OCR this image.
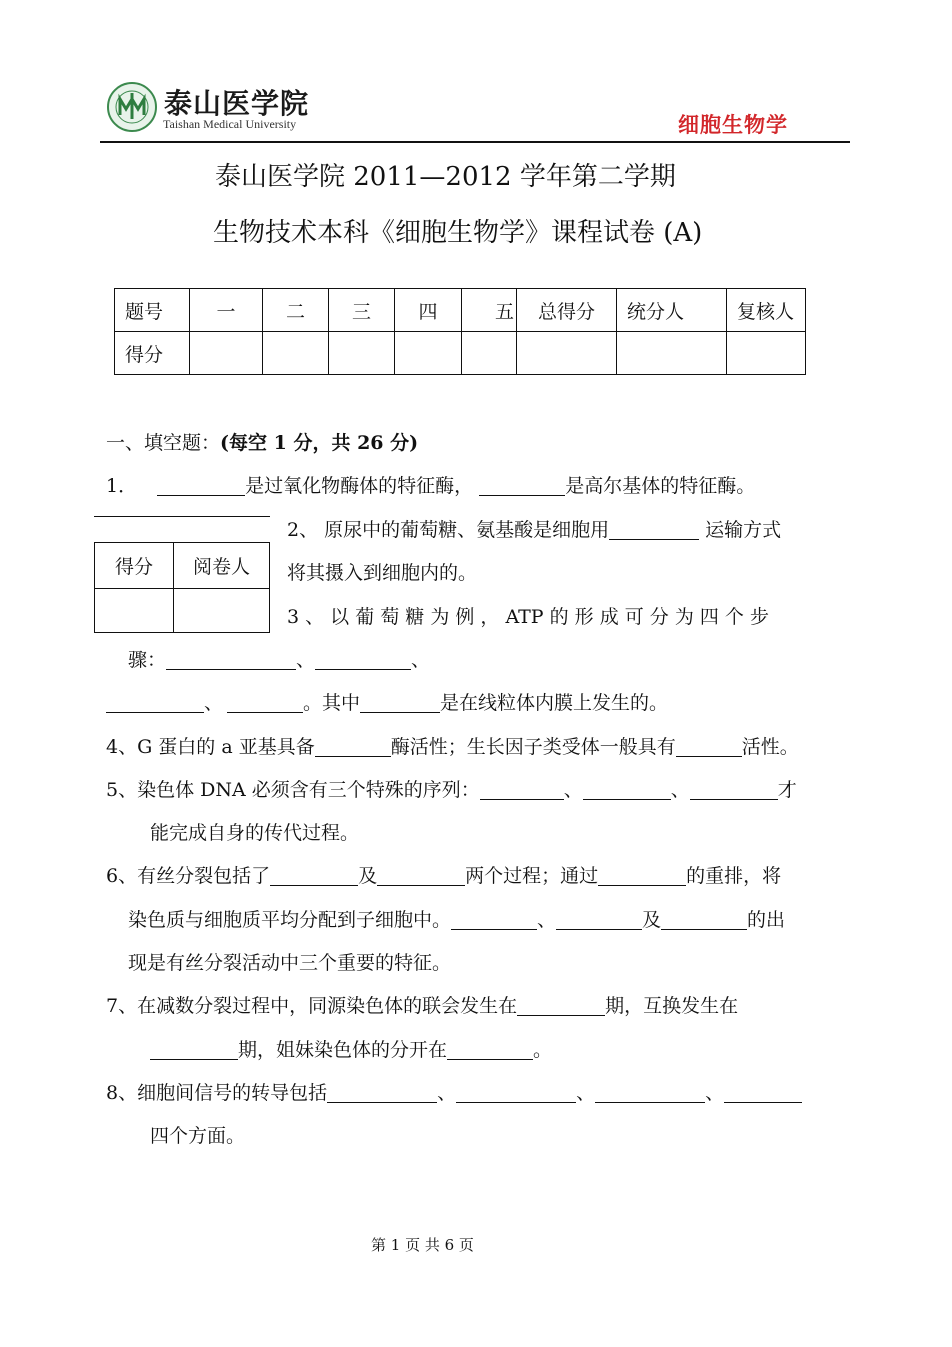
泰山医学院
Taishan Medical University	细胞生物学
泰山医学院 2011—2012 学年第二学期
生物技术本科《细胞生物学》课程试卷 (A)
题号	一	二	三	四	五	总得分	统分人	复核人
得分								
一、填空题：(每空 1 分，共 26 分)
1．	是过氧化物酶体的特征酶，	是高尔基体的特征酶。
得分	阅卷人

2、 原尿中的葡萄糖、氨基酸是细胞用	运输方式
将其摄入到细胞内的。
3 、 以 葡 萄 糖 为 例 ， ATP 的 形 成 可 分 为 四 个 步
骤：	、	、
、	。其中	是在线粒体内膜上发生的。
4、G 蛋白的 a 亚基具备	酶活性；生长因子类受体一般具有	活性。
5、染色体 DNA 必须含有三个特殊的序列：	、	、	才
能完成自身的传代过程。
6、有丝分裂包括了	及	两个过程；通过	的重排，将
染色质与细胞质平均分配到子细胞中。	、	及	的出
现是有丝分裂活动中三个重要的特征。
7、在减数分裂过程中，同源染色体的联会发生在	期，互换发生在
期，姐妹染色体的分开在	。
8、细胞间信号的转导包括	、	、	、
四个方面。
第 1 页 共 6 页
